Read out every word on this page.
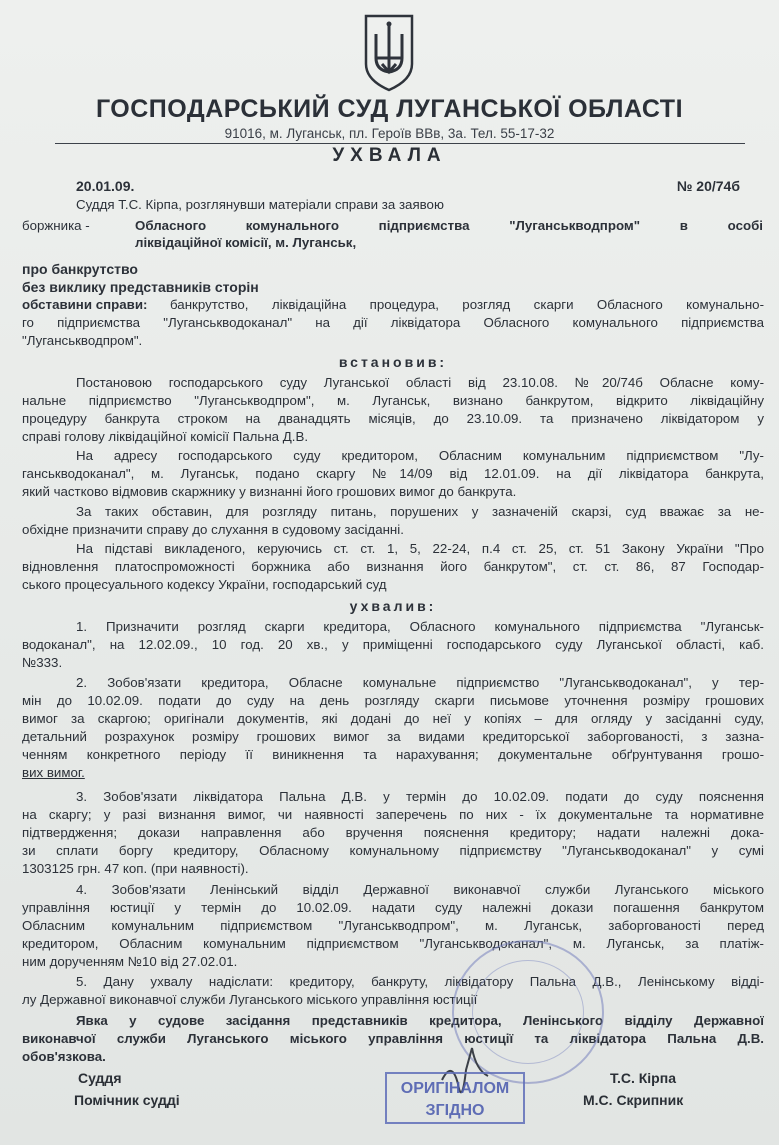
ГОСПОДАРСЬКИЙ СУД ЛУГАНСЬКОЇ ОБЛАСТІ
91016, м. Луганськ, пл. Героїв ВВв, 3а. Тел. 55-17-32
УХВАЛА
20.01.09.	№ 20/74б
Суддя Т.С. Кірпа, розглянувши матеріали справи за заявою
боржника -	Обласного комунального підприємства "Луганськводпром" в особі
ліквідаційної комісії, м. Луганськ,
про банкрутство
без виклику представників сторін
обставини справи:	банкрутство, ліквідаційна процедура, розгляд скарги Обласного комунально-
го підприємства "Луганськводоканал" на дії ліквідатора Обласного комунального підприємства
"Луганськводпром".
встановив:
Постановою господарського суду Луганської області від 23.10.08. №20/74б Обласне кому-
нальне підприємство "Луганськводпром", м. Луганськ, визнано банкрутом, відкрито ліквідаційну
процедуру банкрута строком на дванадцять місяців, до 23.10.09. та призначено ліквідатором у
справі голову ліквідаційної комісії Пальна Д.В.
На адресу господарського суду кредитором, Обласним комунальним підприємством "Лу-
ганськводоканал", м. Луганськ, подано скаргу №14/09 від 12.01.09. на дії ліквідатора банкрута,
який частково відмовив скаржнику у визнанні його грошових вимог до банкрута.
За таких обставин, для розгляду питань, порушених у зазначеній скарзі, суд вважає за не-
обхідне призначити справу до слухання в судовому засіданні.
На підставі викладеного, керуючись ст. ст. 1, 5, 22-24, п.4 ст. 25, ст. 51 Закону України "Про
відновлення платоспроможності боржника або визнання його банкрутом", ст. ст. 86, 87 Господар-
ського процесуального кодексу України, господарський суд
ухвалив:
1. Призначити розгляд скарги кредитора, Обласного комунального підприємства "Луганськ-
водоканал", на 12.02.09., 10 год. 20 хв., у приміщенні господарського суду Луганської області, каб.
№333.
2. Зобов'язати кредитора, Обласне комунальне підприємство "Луганськводоканал", у тер-
мін до 10.02.09. подати до суду на день розгляду скарги письмове уточнення розміру грошових
вимог за скаргою; оригінали документів, які додані до неї у копіях – для огляду у засіданні суду,
детальний розрахунок розміру грошових вимог за видами кредиторської заборгованості, з зазна-
ченням конкретного періоду її виникнення та нарахування; документальне обґрунтування грошо-
вих вимог.
3. Зобов'язати ліквідатора Пальна Д.В. у термін до 10.02.09. подати до суду пояснення
на скаргу; у разі визнання вимог, чи наявності заперечень по них - їх документальне та нормативне
підтвердження; докази направлення або вручення пояснення кредитору; надати належні дока-
зи сплати боргу кредитору, Обласному комунальному підприємству "Луганськводоканал" у сумі
1303125 грн. 47 коп. (при наявності).
4. Зобов'язати Ленінський відділ Державної виконавчої служби Луганського міського
управління юстиції у термін до 10.02.09. надати суду належні докази погашення банкрутом
Обласним комунальним підприємством "Луганськводпром", м. Луганськ, заборгованості перед
кредитором, Обласним комунальним підприємством "Луганськводоканал", м. Луганськ, за платіж-
ним дорученням №10 від 27.02.01.
5. Дану ухвалу надіслати: кредитору, банкруту, ліквідатору Пальна Д.В., Ленінському відді-
лу Державної виконавчої служби Луганського міського управління юстиції
Явка у судове засідання представників кредитора, Ленінського відділу Державної
виконавчої служби Луганського міського управління юстиції та ліквідатора Пальна Д.В.
обов'язкова.
Суддя	Т.С. Кірпа
Помічник судді	М.С. Скрипник
ОРИГІНАЛОМ
ЗГІДНО
